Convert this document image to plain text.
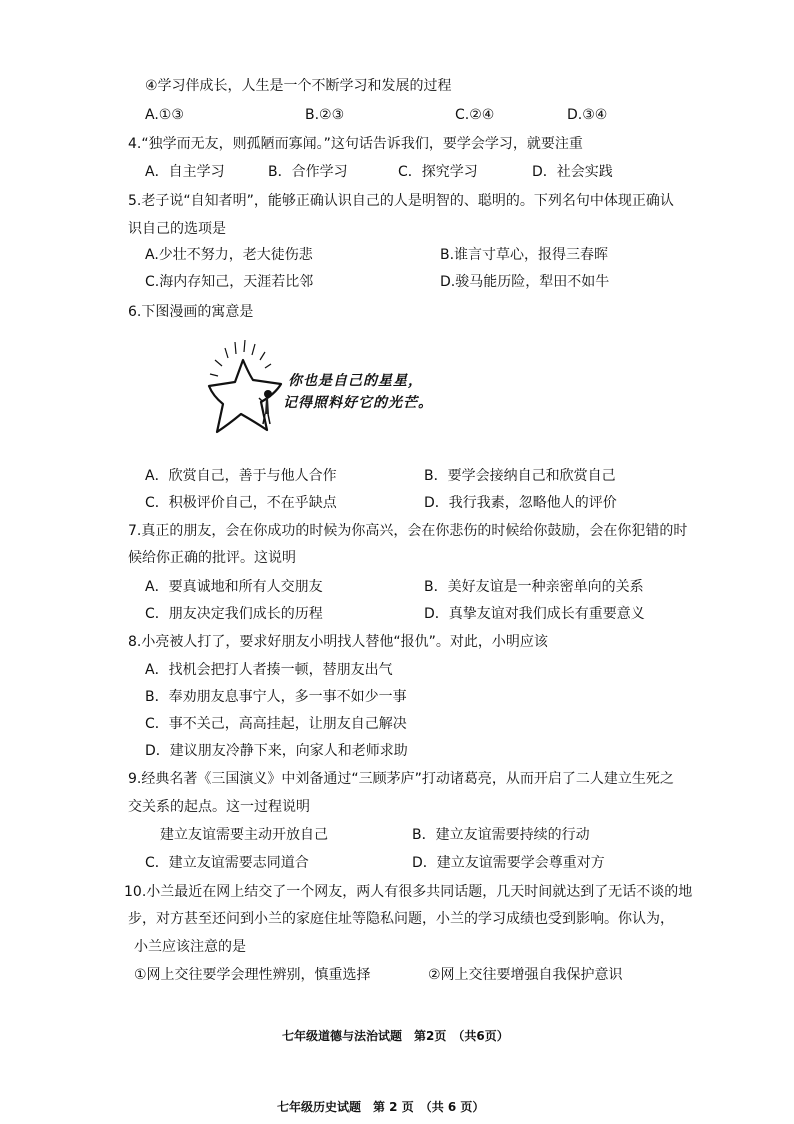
④学习伴成长，人生是一个不断学习和发展的过程
A.①③	B.②③	C.②④	D.③④
4.“独学而无友，则孤陋而寡闻。”这句话告诉我们，要学会学习，就要注重
A．自主学习	B．合作学习	C．探究学习	D．社会实践
5.老子说“自知者明”，能够正确认识自己的人是明智的、聪明的。下列名句中体现正确认
识自己的选项是
A.少壮不努力，老大徒伤悲	B.谁言寸草心，报得三春晖
C.海内存知己，天涯若比邻	D.骏马能历险，犁田不如牛
6.下图漫画的寓意是
你也是自己的星星，
记得照料好它的光芒。
A．欣赏自己，善于与他人合作	B．要学会接纳自己和欣赏自己
C．积极评价自己，不在乎缺点	D．我行我素，忽略他人的评价
7.真正的朋友，会在你成功的时候为你高兴，会在你悲伤的时候给你鼓励，会在你犯错的时
候给你正确的批评。这说明
A．要真诚地和所有人交朋友	B．美好友谊是一种亲密单向的关系
C．朋友决定我们成长的历程	D．真挚友谊对我们成长有重要意义
8.小亮被人打了，要求好朋友小明找人替他“报仇”。对此，小明应该
A．找机会把打人者揍一顿，替朋友出气
B．奉劝朋友息事宁人，多一事不如少一事
C．事不关己，高高挂起，让朋友自己解决
D．建议朋友冷静下来，向家人和老师求助
9.经典名著《三国演义》中刘备通过“三顾茅庐”打动诸葛亮，从而开启了二人建立生死之
交关系的起点。这一过程说明
建立友谊需要主动开放自己	B．建立友谊需要持续的行动
C．建立友谊需要志同道合	D．建立友谊需要学会尊重对方
10.小兰最近在网上结交了一个网友，两人有很多共同话题，几天时间就达到了无话不谈的地
步，对方甚至还问到小兰的家庭住址等隐私问题，小兰的学习成绩也受到影响。你认为，
小兰应该注意的是
①网上交往要学会理性辨别，慎重选择	②网上交往要增强自我保护意识
七年级道德与法治试题　第2页　（共6页）
七年级历史试题　第 2 页　（共 6 页）
